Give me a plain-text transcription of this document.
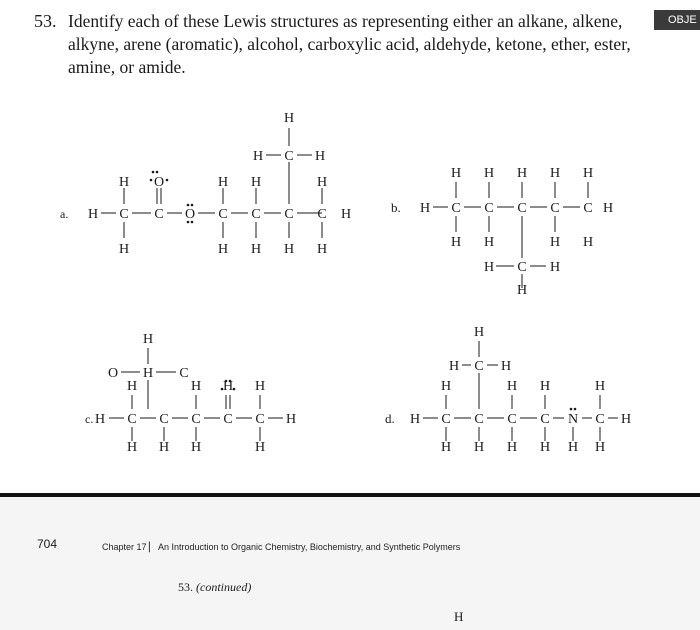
53. Identify each of these Lewis structures as representing either an alkane, alkene,
alkyne, arene (aromatic), alcohol, carboxylic acid, aldehyde, ketone, ether, ester,
amine, or amide.
OBJE
a.	b.
c.	d.
H C C O C C C C H
H	H H	H
H	H H H H
O
C
H	H
H
H C C C C C H
H H H H H
H H	H H
H C H
H
H C C C C C H
H	H	H
H H H	H
H
O H C
H
H C C C C N C H
H	H H	H
H H H H H H
H C H
H
704	Chapter 17 ▏ An Introduction to Organic Chemistry, Biochemistry, and Synthetic Polymers
53. (continued)
H
